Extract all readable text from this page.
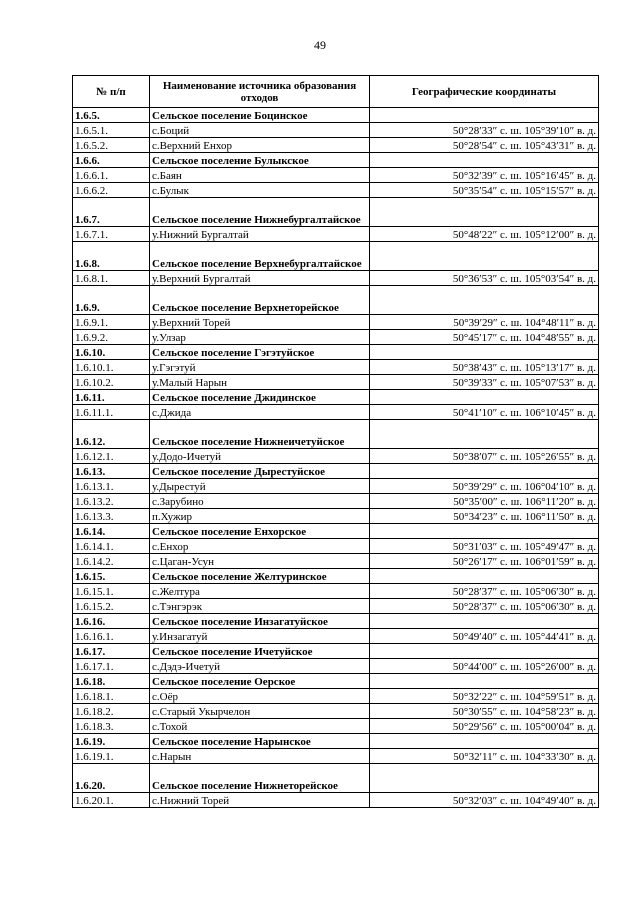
49
№ п/п	Наименование источника образования отходов	Географические координаты
1.6.5.	Сельское поселение Боцинское	
1.6.5.1.	с.Боций	50°28′33″ с. ш. 105°39′10″ в. д.
1.6.5.2.	с.Верхний Енхор	50°28′54″ с. ш. 105°43′31″ в. д.
1.6.6.	Сельское поселение Булыкское	
1.6.6.1.	с.Баян	50°32′39″ с. ш. 105°16′45″ в. д.
1.6.6.2.	с.Булык	50°35′54″ с. ш. 105°15′57″ в. д.
1.6.7.	Сельское поселение Нижнебургалтайское	
1.6.7.1.	у.Нижний Бургалтай	50°48′22″ с. ш. 105°12′00″ в. д.
1.6.8.	Сельское поселение Верхнебургалтайское	
1.6.8.1.	у.Верхний Бургалтай	50°36′53″ с. ш. 105°03′54″ в. д.
1.6.9.	Сельское поселение Верхнеторейское	
1.6.9.1.	у.Верхний Торей	50°39′29″ с. ш. 104°48′11″ в. д.
1.6.9.2.	у.Улзар	50°45′17″ с. ш. 104°48′55″ в. д.
1.6.10.	Сельское поселение Гэгэтуйское	
1.6.10.1.	у.Гэгэтуй	50°38′43″ с. ш. 105°13′17″ в. д.
1.6.10.2.	у.Малый Нарын	50°39′33″ с. ш. 105°07′53″ в. д.
1.6.11.	Сельское поселение Джидинское	
1.6.11.1.	с.Джида	50°41′10″ с. ш. 106°10′45″ в. д.
1.6.12.	Сельское поселение Нижнеичетуйское	
1.6.12.1.	у.Додо-Ичетуй	50°38′07″ с. ш. 105°26′55″ в. д.
1.6.13.	Сельское поселение Дырестуйское	
1.6.13.1.	у.Дырестуй	50°39′29″ с. ш. 106°04′10″ в. д.
1.6.13.2.	с.Зарубино	50°35′00″ с. ш. 106°11′20″ в. д.
1.6.13.3.	п.Хужир	50°34′23″ с. ш. 106°11′50″ в. д.
1.6.14.	Сельское поселение Енхорское	
1.6.14.1.	с.Енхор	50°31′03″ с. ш. 105°49′47″ в. д.
1.6.14.2.	с.Цаган-Усун	50°26′17″ с. ш. 106°01′59″ в. д.
1.6.15.	Сельское поселение Желтуринское	
1.6.15.1.	с.Желтура	50°28′37″ с. ш. 105°06′30″ в. д.
1.6.15.2.	с.Тэнгэрэк	50°28′37″ с. ш. 105°06′30″ в. д.
1.6.16.	Сельское поселение Инзагатуйское	
1.6.16.1.	у.Инзагатуй	50°49′40″ с. ш. 105°44′41″ в. д.
1.6.17.	Сельское поселение Ичетуйское	
1.6.17.1.	с.Дэдэ-Ичетуй	50°44′00″ с. ш. 105°26′00″ в. д.
1.6.18.	Сельское поселение Оерское	
1.6.18.1.	с.Оёр	50°32′22″ с. ш. 104°59′51″ в. д.
1.6.18.2.	с.Старый Укырчелон	50°30′55″ с. ш. 104°58′23″ в. д.
1.6.18.3.	с.Тохой	50°29′56″ с. ш. 105°00′04″ в. д.
1.6.19.	Сельское поселение Нарынское	
1.6.19.1.	с.Нарын	50°32′11″ с. ш. 104°33′30″ в. д.
1.6.20.	Сельское поселение Нижнеторейское	
1.6.20.1.	с.Нижний Торей	50°32′03″ с. ш. 104°49′40″ в. д.
